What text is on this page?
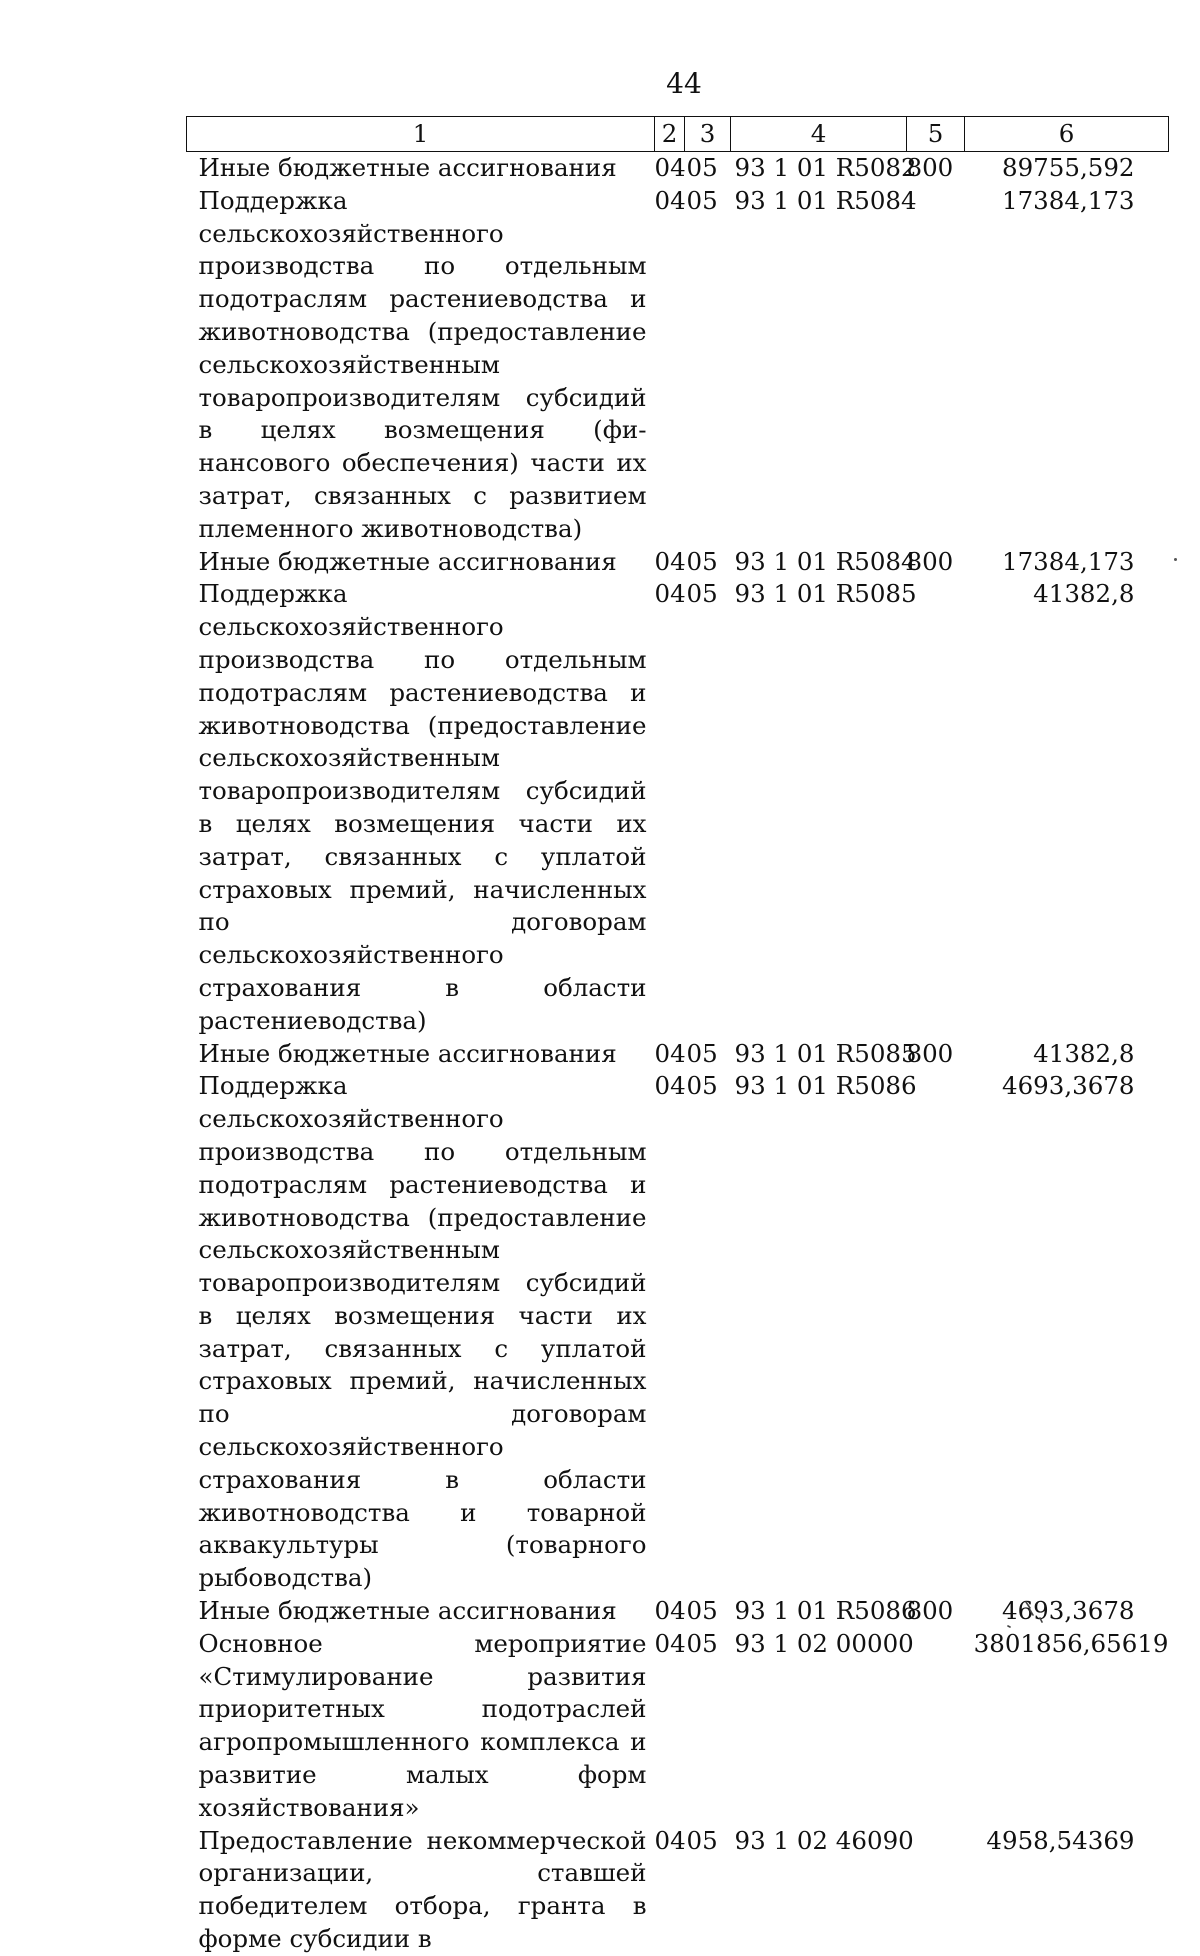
44
1	2	3	4	5	6
Иные бюджетные ассигнования	04	05	93 1 01 R5082	800	89755,592
Поддержка сельскохозяйственного производства по отдельным подотраслям растениеводства и животноводства (предоставление сельскохозяйственным товаропроизводителям субсидий в целях возмещения (финансового обеспечения) части их затрат, связанных с развитием племенного животноводства)	04	05	93 1 01 R5084		17384,173
Иные бюджетные ассигнования	04	05	93 1 01 R5084	800	17384,173
Поддержка сельскохозяйственного производства по отдельным подотраслям растениеводства и животноводства (предоставление сельскохозяйственным товаропроизводителям субсидий в целях возмещения части их затрат, связанных с уплатой страховых премий, начисленных по договорам сельскохозяйственного страхования в области растениеводства)	04	05	93 1 01 R5085		41382,8
Иные бюджетные ассигнования	04	05	93 1 01 R5085	800	41382,8
Поддержка сельскохозяйственного производства по отдельным подотраслям растениеводства и животноводства (предоставление сельскохозяйственным товаропроизводителям субсидий в целях возмещения части их затрат, связанных с уплатой страховых премий, начисленных по договорам сельскохозяйственного страхования в области животноводства и товарной аквакультуры (товарного рыбоводства)	04	05	93 1 01 R5086		4693,3678
Иные бюджетные ассигнования	04	05	93 1 01 R5086	800	4693,3678
Основное мероприятие «Стимулирование развития приоритетных подотраслей агропромышленного комплекса и развитие малых форм хозяйствования»	04	05	93 1 02 00000		3801856,65619
Предоставление некоммерческой организации, ставшей победителем отбора, гранта в форме субсидии в	04	05	93 1 02 46090		4958,54369
